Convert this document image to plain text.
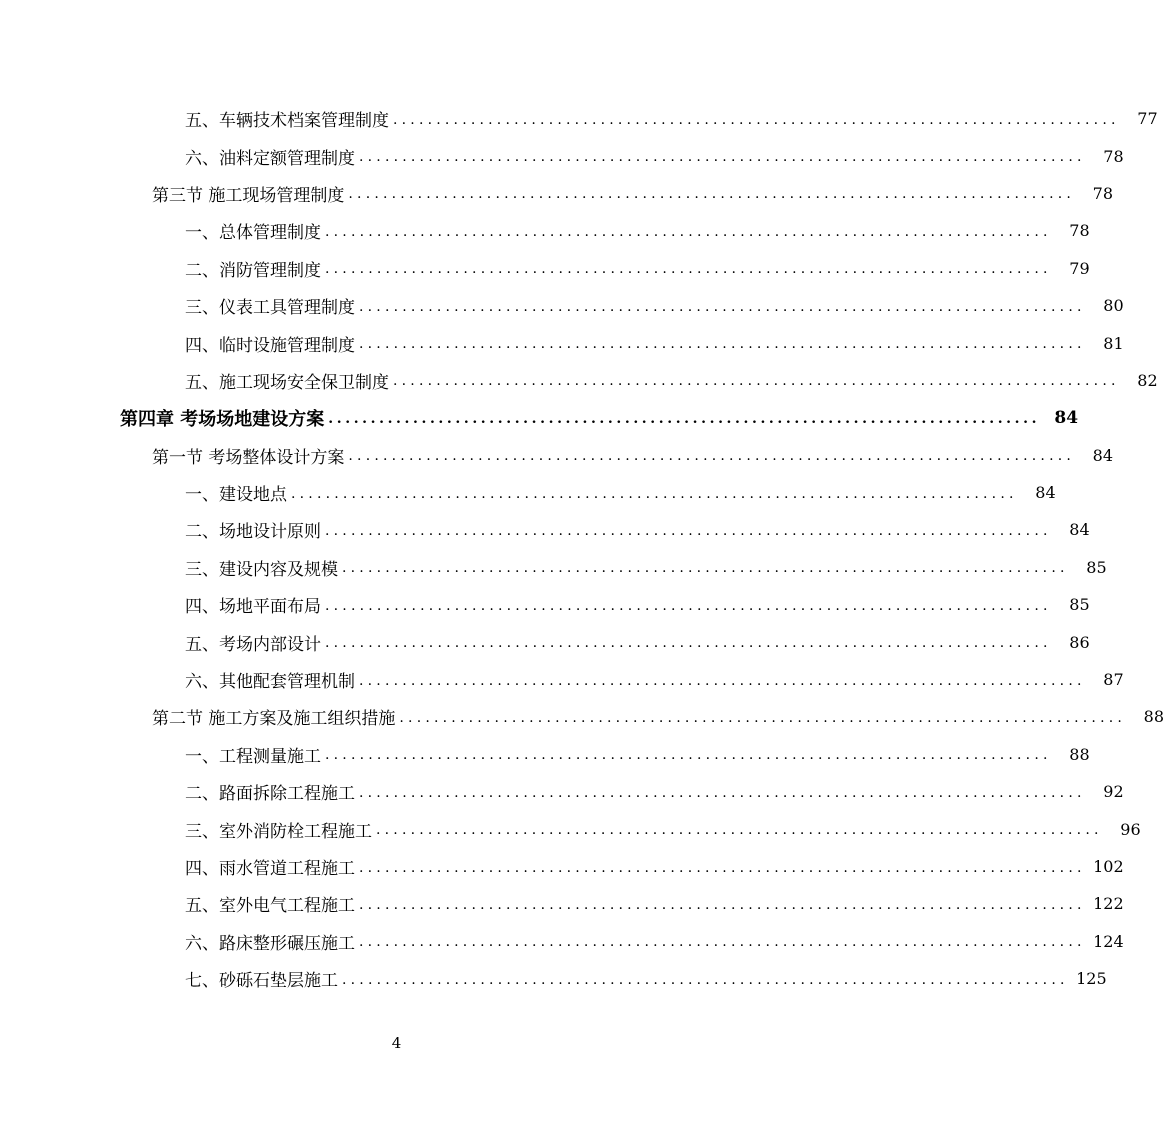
五、车辆技术档案管理制度 ....................................................................................	77
六、油料定额管理制度 ....................................................................................	78
第三节 施工现场管理制度 ....................................................................................	78
一、总体管理制度 ....................................................................................	78
二、消防管理制度 ....................................................................................	79
三、仪表工具管理制度 ....................................................................................	80
四、临时设施管理制度 ....................................................................................	81
五、施工现场安全保卫制度 ....................................................................................	82
第四章 考场场地建设方案 .................................................................................... 84
第一节 考场整体设计方案 ....................................................................................	84
一、建设地点 ....................................................................................	84
二、场地设计原则 ....................................................................................	84
三、建设内容及规模 ....................................................................................	85
四、场地平面布局 ....................................................................................	85
五、考场内部设计 ....................................................................................	86
六、其他配套管理机制 ....................................................................................	87
第二节 施工方案及施工组织措施 ....................................................................................	88
一、工程测量施工 ....................................................................................	88
二、路面拆除工程施工 ....................................................................................	92
三、室外消防栓工程施工 ....................................................................................	96
四、雨水管道工程施工 .................................................................................... 102
五、室外电气工程施工 .................................................................................... 122
六、路床整形碾压施工 .................................................................................... 124
七、砂砾石垫层施工 .................................................................................... 125
4
